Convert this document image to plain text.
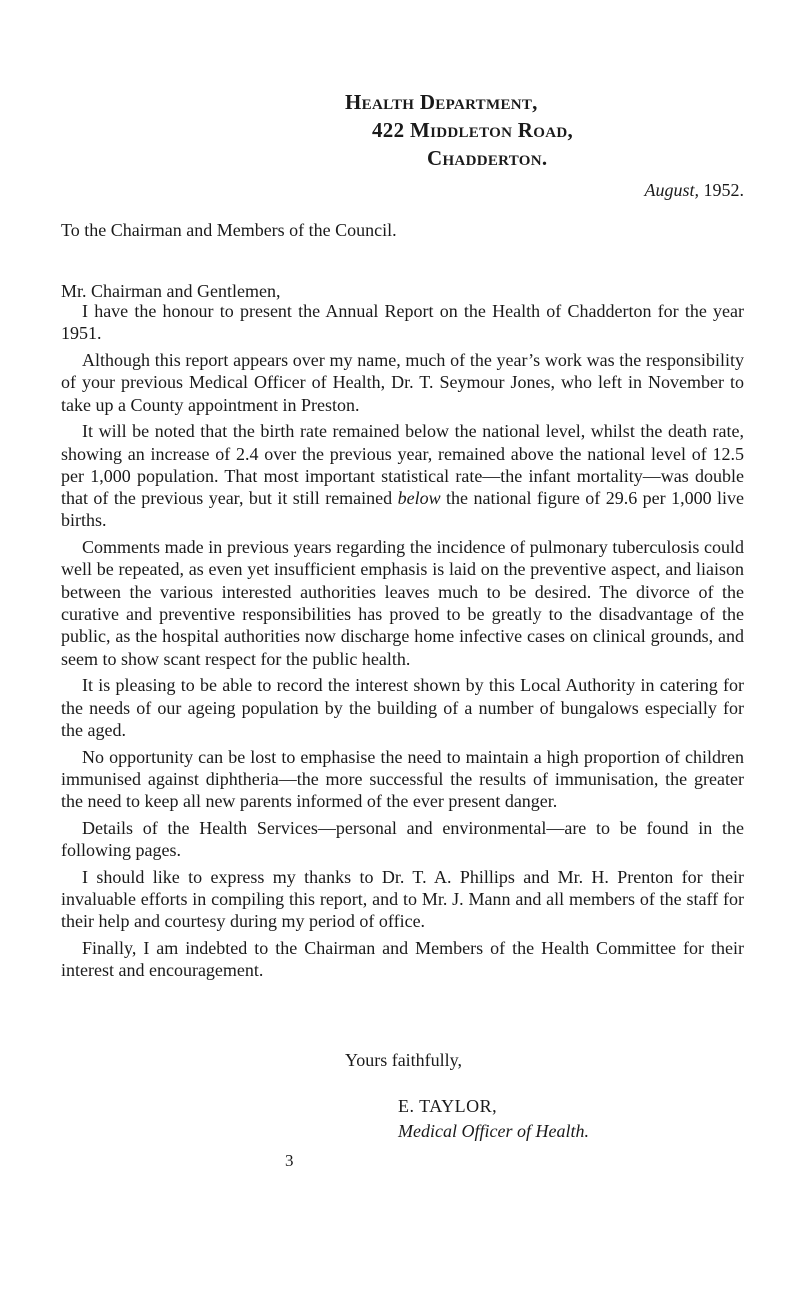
Health Department,
422 Middleton Road,
Chadderton.
August, 1952.
To the Chairman and Members of the Council.
Mr. Chairman and Gentlemen,

I have the honour to present the Annual Report on the Health of Chadderton for the year 1951.

Although this report appears over my name, much of the year’s work was the responsibility of your previous Medical Officer of Health, Dr. T. Seymour Jones, who left in November to take up a County appointment in Preston.

It will be noted that the birth rate remained below the national level, whilst the death rate, showing an increase of 2.4 over the previous year, remained above the national level of 12.5 per 1,000 population. That most important statistical rate—the infant mortality—was double that of the previous year, but it still remained below the national figure of 29.6 per 1,000 live births.

Comments made in previous years regarding the incidence of pulmonary tuberculosis could well be repeated, as even yet insufficient emphasis is laid on the preventive aspect, and liaison between the various interested authorities leaves much to be desired. The divorce of the curative and preventive responsibilities has proved to be greatly to the disadvantage of the public, as the hospital authorities now discharge home infective cases on clinical grounds, and seem to show scant respect for the public health.

It is pleasing to be able to record the interest shown by this Local Authority in catering for the needs of our ageing population by the building of a number of bungalows especially for the aged.

No opportunity can be lost to emphasise the need to maintain a high proportion of children immunised against diphtheria—the more successful the results of immunisation, the greater the need to keep all new parents informed of the ever present danger.

Details of the Health Services—personal and environmental—are to be found in the following pages.

I should like to express my thanks to Dr. T. A. Phillips and Mr. H. Prenton for their invaluable efforts in compiling this report, and to Mr. J. Mann and all members of the staff for their help and courtesy during my period of office.

Finally, I am indebted to the Chairman and Members of the Health Committee for their interest and encouragement.

Yours faithfully,
E. TAYLOR,
Medical Officer of Health.
3
